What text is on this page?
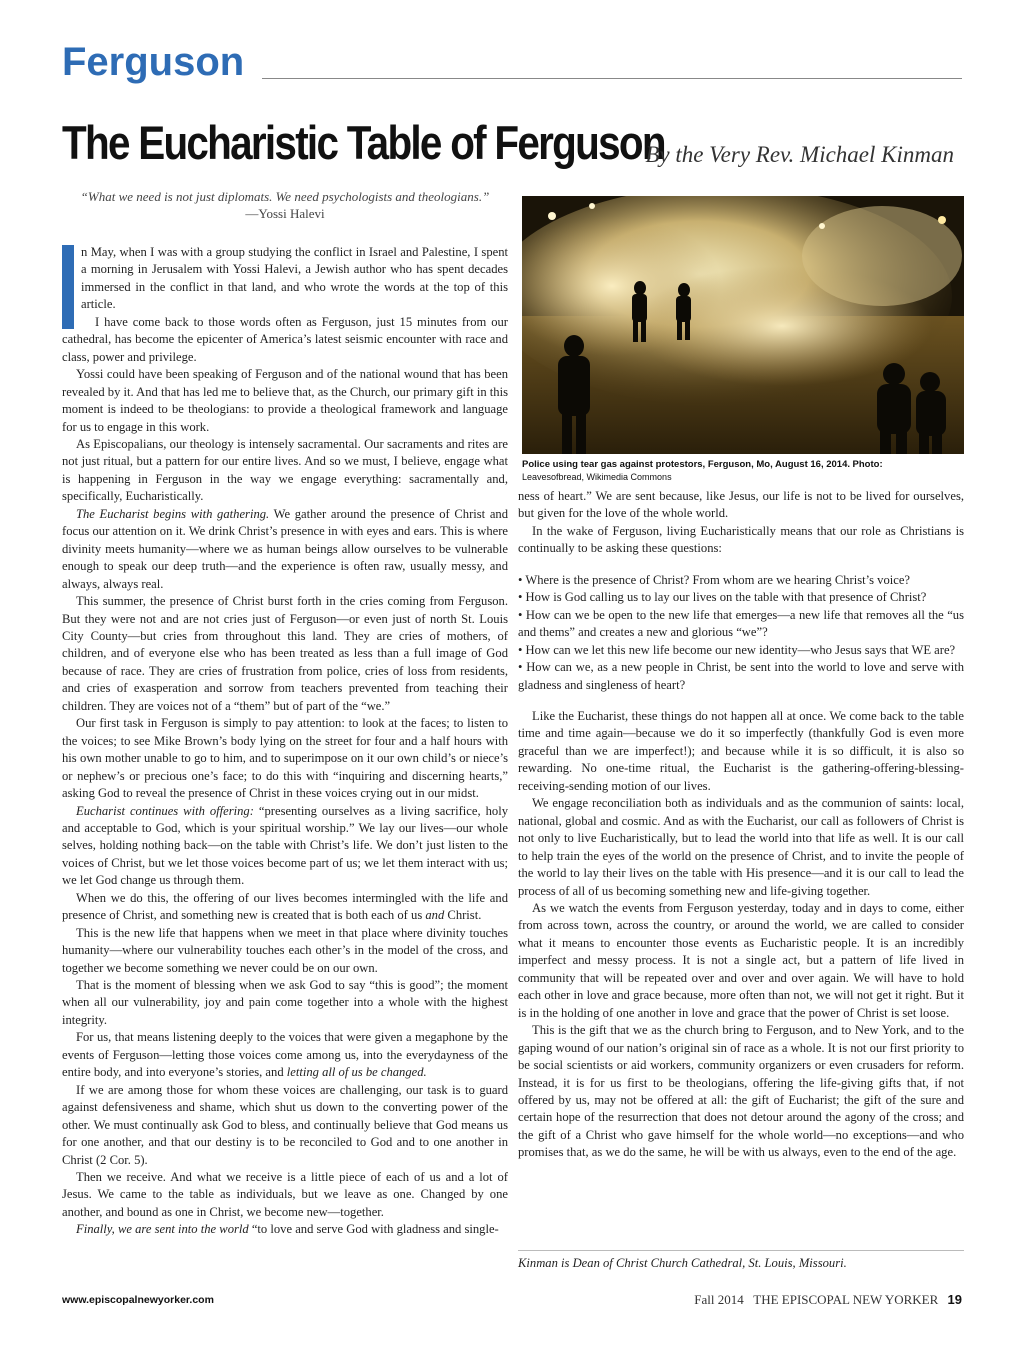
Ferguson
The Eucharistic Table of Ferguson
By the Very Rev. Michael Kinman
“What we need is not just diplomats. We need psychologists and theologians.”
—Yossi Halevi

n May, when I was with a group studying the conflict in Israel and Palestine, I spent a morning in Jerusalem with Yossi Halevi, a Jewish author who has spent decades immersed in the conflict in that land, and who wrote the words at the top of this article.

I have come back to those words often as Ferguson, just 15 minutes from our cathedral, has become the epicenter of America’s latest seismic encounter with race and class, power and privilege.

Yossi could have been speaking of Ferguson and of the national wound that has been revealed by it. And that has led me to believe that, as the Church, our primary gift in this moment is indeed to be theologians: to provide a theological framework and language for us to engage in this work.

As Episcopalians, our theology is intensely sacramental. Our sacraments and rites are not just ritual, but a pattern for our entire lives. And so we must, I believe, engage what is happening in Ferguson in the way we engage everything: sacramentally and, specifically, Eucharistically.

The Eucharist begins with gathering. We gather around the presence of Christ and focus our attention on it. We drink Christ’s presence in with eyes and ears. This is where divinity meets humanity—where we as human beings allow ourselves to be vulnerable enough to speak our deep truth—and the experience is often raw, usually messy, and always, always real.

This summer, the presence of Christ burst forth in the cries coming from Ferguson. But they were not and are not cries just of Ferguson—or even just of north St. Louis City County—but cries from throughout this land. They are cries of mothers, of children, and of everyone else who has been treated as less than a full image of God because of race. They are cries of frustration from police, cries of loss from residents, and cries of exasperation and sorrow from teachers prevented from teaching their children. They are voices not of a “them” but of part of the “we.”

Our first task in Ferguson is simply to pay attention: to look at the faces; to listen to the voices; to see Mike Brown’s body lying on the street for four and a half hours with his own mother unable to go to him, and to superimpose on it our own child’s or niece’s or nephew’s or precious one’s face; to do this with “inquiring and discerning hearts,” asking God to reveal the presence of Christ in these voices crying out in our midst.

Eucharist continues with offering: “presenting ourselves as a living sacrifice, holy and acceptable to God, which is your spiritual worship.” We lay our lives—our whole selves, holding nothing back—on the table with Christ’s life. We don’t just listen to the voices of Christ, but we let those voices become part of us; we let them interact with us; we let God change us through them.

When we do this, the offering of our lives becomes intermingled with the life and presence of Christ, and something new is created that is both each of us and Christ.

This is the new life that happens when we meet in that place where divinity touches humanity—where our vulnerability touches each other’s in the model of the cross, and together we become something we never could be on our own.

That is the moment of blessing when we ask God to say “this is good”; the moment when all our vulnerability, joy and pain come together into a whole with the highest integrity.

For us, that means listening deeply to the voices that were given a megaphone by the events of Ferguson—letting those voices come among us, into the everydayness of the entire body, and into everyone’s stories, and letting all of us be changed.

If we are among those for whom these voices are challenging, our task is to guard against defensiveness and shame, which shut us down to the converting power of the other. We must continually ask God to bless, and continually believe that God means us for one another, and that our destiny is to be reconciled to God and to one another in Christ (2 Cor. 5).

Then we receive. And what we receive is a little piece of each of us and a lot of Jesus. We came to the table as individuals, but we leave as one. Changed by one another, and bound as one in Christ, we become new—together.

Finally, we are sent into the world “to love and serve God with gladness and single-

Police using tear gas against protestors, Ferguson, Mo, August 16, 2014. Photo:
Leavesofbread, Wikimedia Commons

ness of heart.” We are sent because, like Jesus, our life is not to be lived for ourselves, but given for the love of the whole world.

In the wake of Ferguson, living Eucharistically means that our role as Christians is continually to be asking these questions:

• Where is the presence of Christ? From whom are we hearing Christ’s voice?

• How is God calling us to lay our lives on the table with that presence of Christ?

• How can we be open to the new life that emerges—a new life that removes all the “us and thems” and creates a new and glorious “we”?

• How can we let this new life become our new identity—who Jesus says that WE are?

• How can we, as a new people in Christ, be sent into the world to love and serve with gladness and singleness of heart?

Like the Eucharist, these things do not happen all at once. We come back to the table time and time again—because we do it so imperfectly (thankfully God is even more graceful than we are imperfect!); and because while it is so difficult, it is also so rewarding. No one-time ritual, the Eucharist is the gathering-offering-blessing-receiving-sending motion of our lives.

We engage reconciliation both as individuals and as the communion of saints: local, national, global and cosmic. And as with the Eucharist, our call as followers of Christ is not only to live Eucharistically, but to lead the world into that life as well. It is our call to help train the eyes of the world on the presence of Christ, and to invite the people of the world to lay their lives on the table with His presence—and it is our call to lead the process of all of us becoming something new and life-giving together.

As we watch the events from Ferguson yesterday, today and in days to come, either from across town, across the country, or around the world, we are called to consider what it means to encounter those events as Eucharistic people. It is an incredibly imperfect and messy process. It is not a single act, but a pattern of life lived in community that will be repeated over and over and over again. We will have to hold each other in love and grace because, more often than not, we will not get it right. But it is in the holding of one another in love and grace that the power of Christ is set loose.

This is the gift that we as the church bring to Ferguson, and to New York, and to the gaping wound of our nation’s original sin of race as a whole. It is not our first priority to be social scientists or aid workers, community organizers or even crusaders for reform. Instead, it is for us first to be theologians, offering the life-giving gifts that, if not offered by us, may not be offered at all: the gift of Eucharist; the gift of the sure and certain hope of the resurrection that does not detour around the agony of the cross; and the gift of a Christ who gave himself for the whole world—no exceptions—and who promises that, as we do the same, he will be with us always, even to the end of the age.

Kinman is Dean of Christ Church Cathedral, St. Louis, Missouri.
www.episcopalnewyorker.com	Fall 2014 THE EPISCOPAL NEW YORKER 19
